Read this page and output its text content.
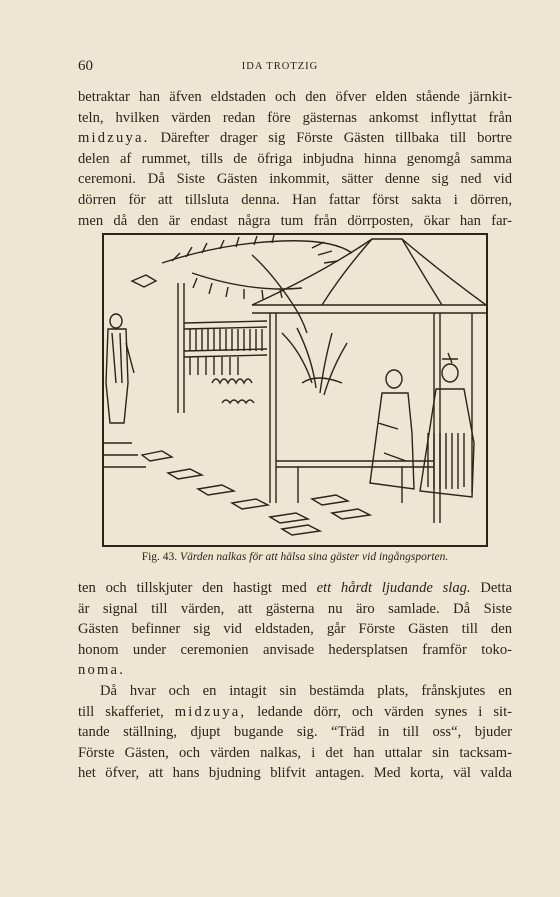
60	IDA TROTZIG
betraktar han äfven eldstaden och den öfver elden stående järnkit-
teln, hvilken värden redan före gästernas ankomst inflyttat från
midzuya. Därefter drager sig Förste Gästen tillbaka till bortre
delen af rummet, tills de öfriga inbjudna hinna genomgå samma
ceremoni. Då Siste Gästen inkommit, sätter denne sig ned vid
dörren för att tillsluta denna. Han fattar först sakta i dörren,
men då den är endast några tum från dörrposten, ökar han far-
Fig. 43. Värden nalkas för att hälsa sina gäster vid ingångsporten.
ten och tillskjuter den hastigt med ett hårdt ljudande slag. Detta
är signal till värden, att gästerna nu äro samlade. Då Siste
Gästen befinner sig vid eldstaden, går Förste Gästen till den
honom under ceremonien anvisade hedersplatsen framför toko-
noma.
Då hvar och en intagit sin bestämda plats, frånskjutes en
till skafferiet, midzuya, ledande dörr, och värden synes i sit-
tande ställning, djupt bugande sig. “Träd in till oss“, bjuder
Förste Gästen, och värden nalkas, i det han uttalar sin tacksam-
het öfver, att hans bjudning blifvit antagen. Med korta, väl valda
